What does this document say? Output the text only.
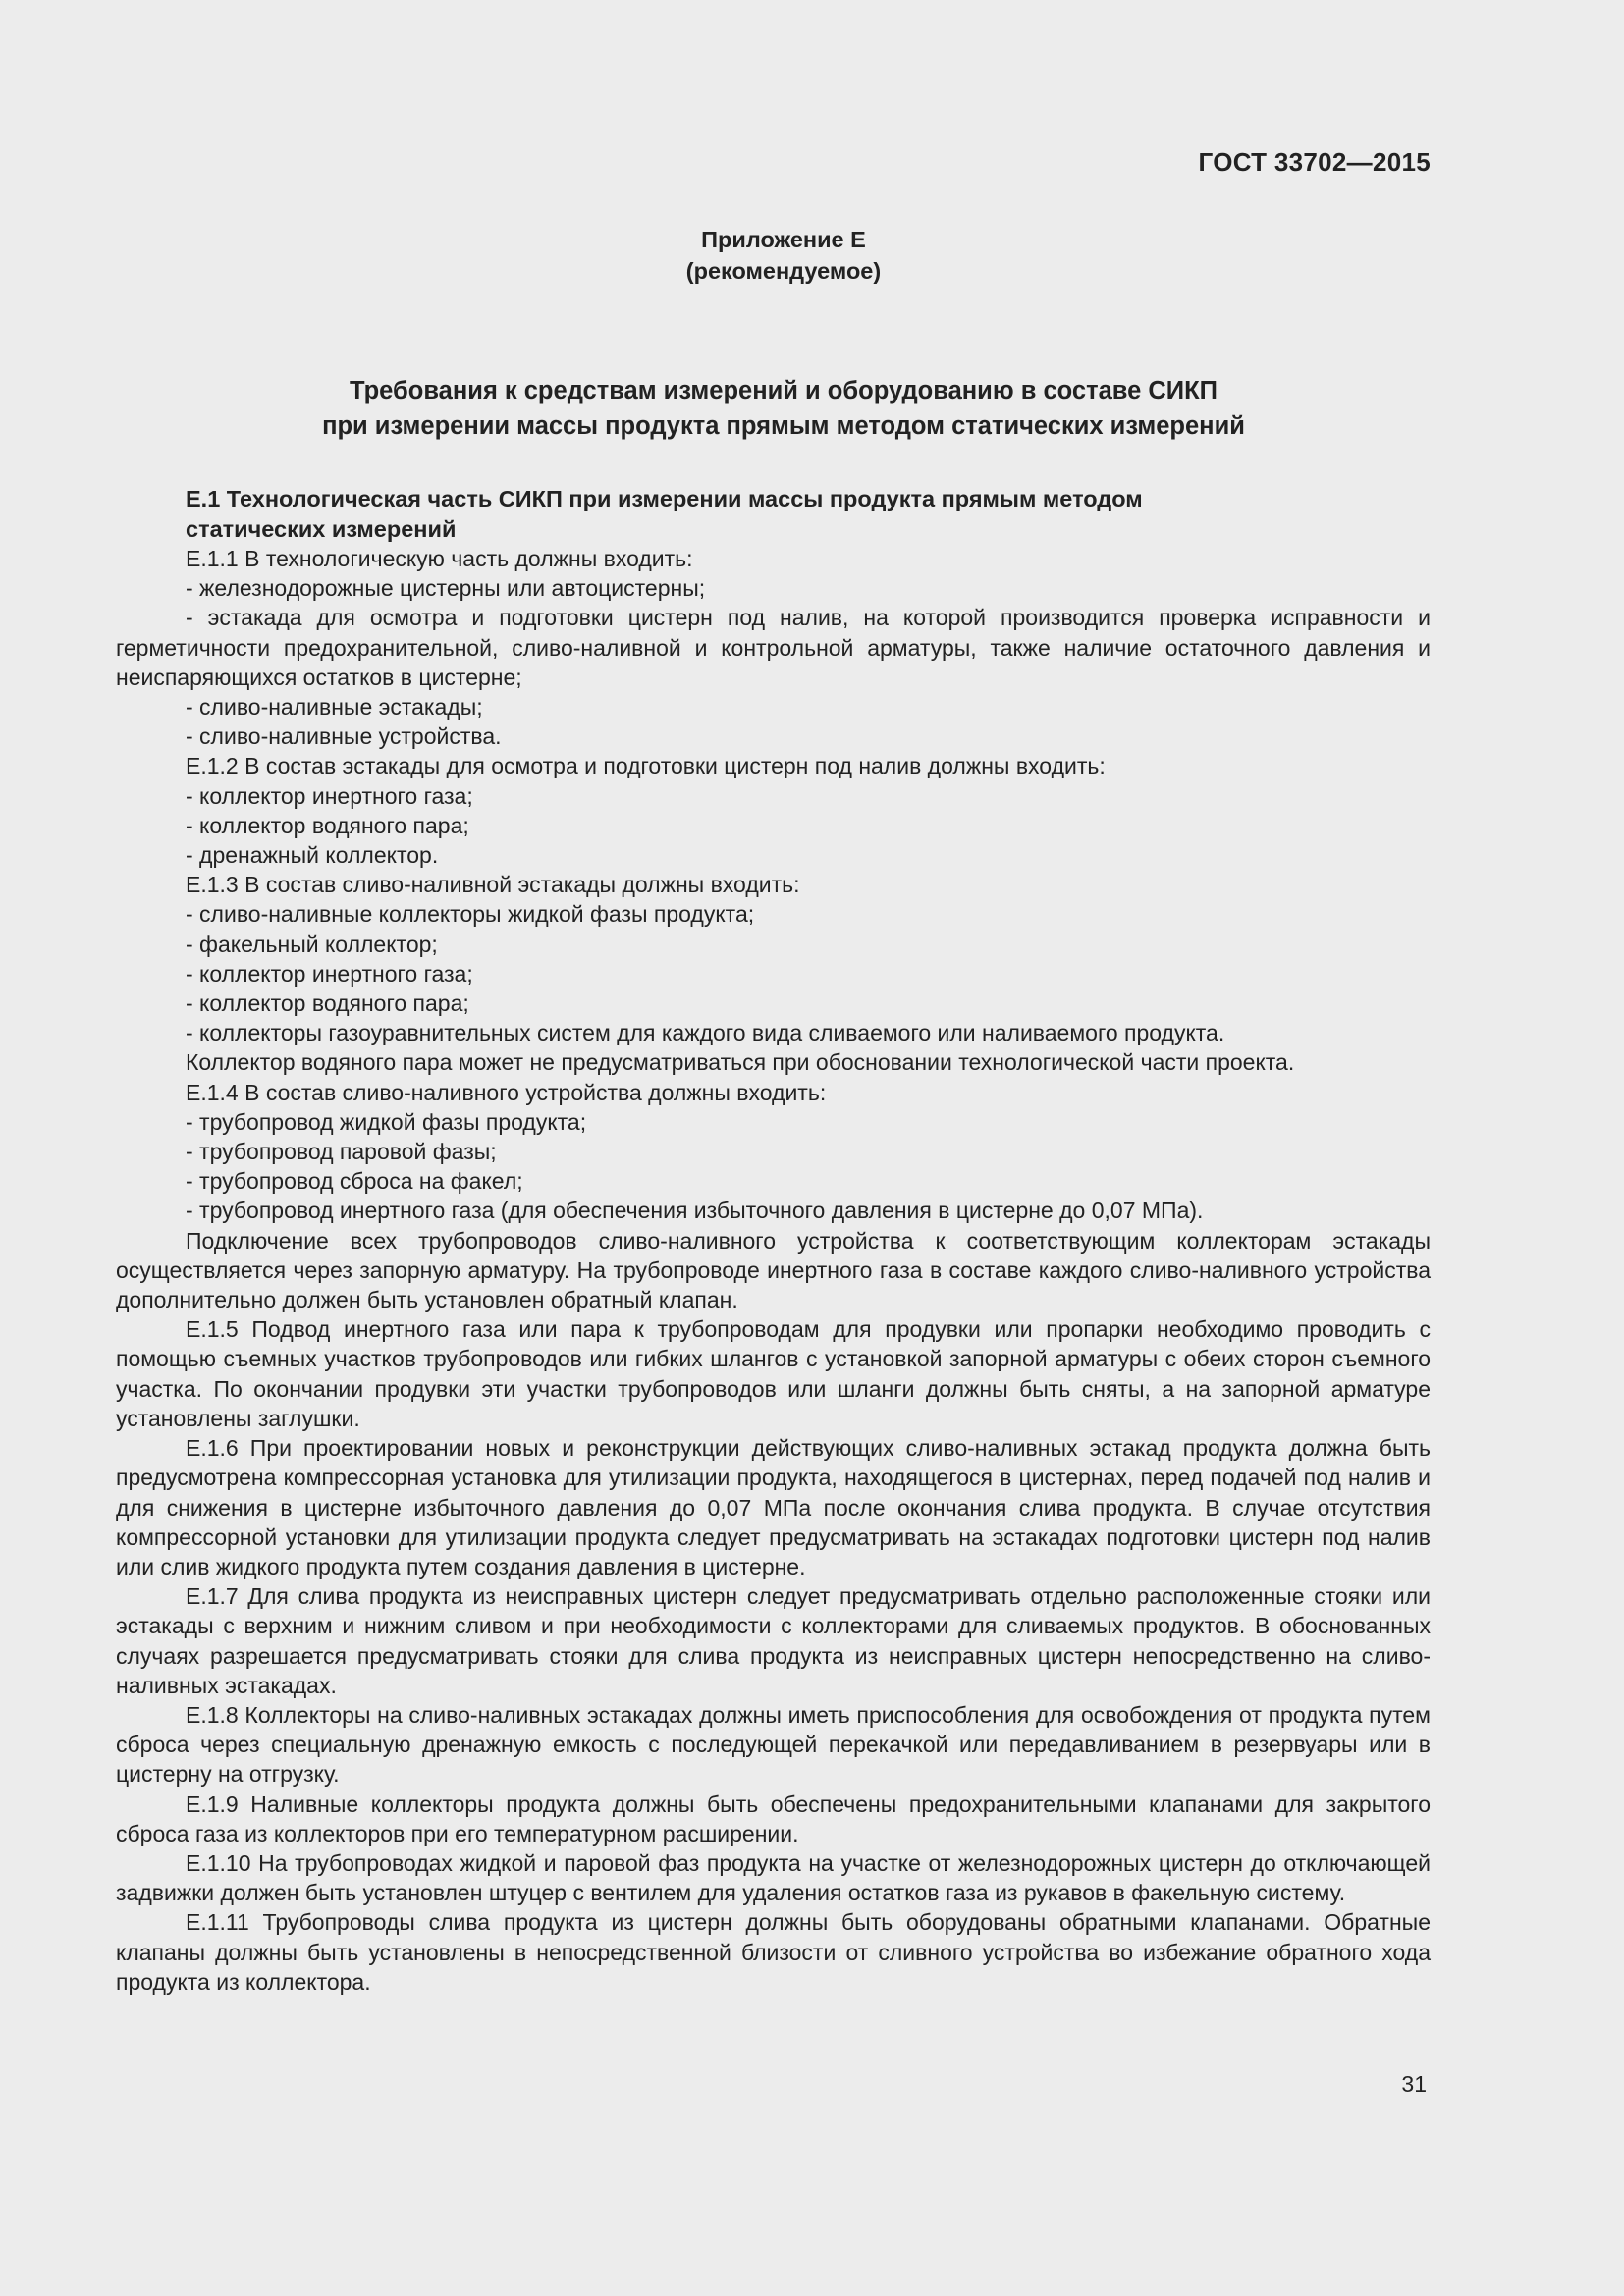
ГОСТ 33702—2015
Приложение Е
(рекомендуемое)
Требования к средствам измерений и оборудованию в составе СИКП
при измерении массы продукта прямым методом статических измерений

Е.1 Технологическая часть СИКП при измерении массы продукта прямым методом статических измерений

Е.1.1 В технологическую часть должны входить:

- железнодорожные цистерны или автоцистерны;

- эстакада для осмотра и подготовки цистерн под налив, на которой производится проверка исправности и герметичности предохранительной, сливо-наливной и контрольной арматуры, также наличие остаточного давления и неиспаряющихся остатков в цистерне;

- сливо-наливные эстакады;

- сливо-наливные устройства.

Е.1.2 В состав эстакады для осмотра и подготовки цистерн под налив должны входить:

- коллектор инертного газа;

- коллектор водяного пара;

- дренажный коллектор.

Е.1.3 В состав сливо-наливной эстакады должны входить:

- сливо-наливные коллекторы жидкой фазы продукта;

- факельный коллектор;

- коллектор инертного газа;

- коллектор водяного пара;

- коллекторы газоуравнительных систем для каждого вида сливаемого или наливаемого продукта.

Коллектор водяного пара может не предусматриваться при обосновании технологической части проекта.

Е.1.4 В состав сливо-наливного устройства должны входить:

- трубопровод жидкой фазы продукта;

- трубопровод паровой фазы;

- трубопровод сброса на факел;

- трубопровод инертного газа (для обеспечения избыточного давления в цистерне до 0,07 МПа).

Подключение всех трубопроводов сливо-наливного устройства к соответствующим коллекторам эстакады осуществляется через запорную арматуру. На трубопроводе инертного газа в составе каждого сливо-наливного устройства дополнительно должен быть установлен обратный клапан.

Е.1.5 Подвод инертного газа или пара к трубопроводам для продувки или пропарки необходимо проводить с помощью съемных участков трубопроводов или гибких шлангов с установкой запорной арматуры с обеих сторон съемного участка. По окончании продувки эти участки трубопроводов или шланги должны быть сняты, а на запорной арматуре установлены заглушки.

Е.1.6 При проектировании новых и реконструкции действующих сливо-наливных эстакад продукта должна быть предусмотрена компрессорная установка для утилизации продукта, находящегося в цистернах, перед подачей под налив и для снижения в цистерне избыточного давления до 0,07 МПа после окончания слива продукта. В случае отсутствия компрессорной установки для утилизации продукта следует предусматривать на эстакадах подготовки цистерн под налив или слив жидкого продукта путем создания давления в цистерне.

Е.1.7 Для слива продукта из неисправных цистерн следует предусматривать отдельно расположенные стояки или эстакады с верхним и нижним сливом и при необходимости с коллекторами для сливаемых продуктов. В обоснованных случаях разрешается предусматривать стояки для слива продукта из неисправных цистерн непосредственно на сливо-наливных эстакадах.

Е.1.8 Коллекторы на сливо-наливных эстакадах должны иметь приспособления для освобождения от продукта путем сброса через специальную дренажную емкость с последующей перекачкой или передавливанием в резервуары или в цистерну на отгрузку.

Е.1.9 Наливные коллекторы продукта должны быть обеспечены предохранительными клапанами для закрытого сброса газа из коллекторов при его температурном расширении.

Е.1.10 На трубопроводах жидкой и паровой фаз продукта на участке от железнодорожных цистерн до отключающей задвижки должен быть установлен штуцер с вентилем для удаления остатков газа из рукавов в факельную систему.

Е.1.11 Трубопроводы слива продукта из цистерн должны быть оборудованы обратными клапанами. Обратные клапаны должны быть установлены в непосредственной близости от сливного устройства во избежание обратного хода продукта из коллектора.

31
